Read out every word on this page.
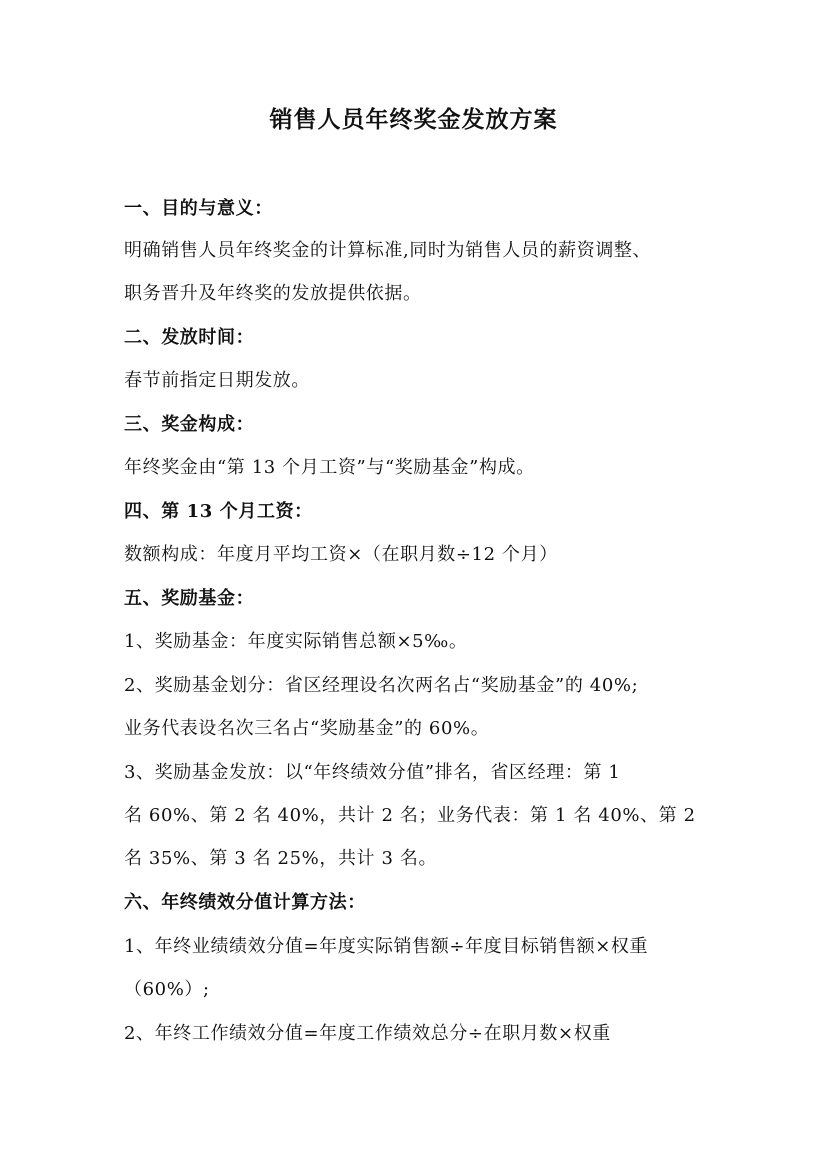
销售人员年终奖金发放方案
一、目的与意义：
明确销售人员年终奖金的计算标准,同时为销售人员的薪资调整、
职务晋升及年终奖的发放提供依据。
二、发放时间：
春节前指定日期发放。
三、奖金构成：
年终奖金由“第 13 个月工资”与“奖励基金”构成。
四、第 13 个月工资：
数额构成：年度月平均工资×（在职月数÷12 个月）
五、奖励基金：
1、奖励基金：年度实际销售总额×5‰。
2、奖励基金划分：省区经理设名次两名占“奖励基金”的 40%;
业务代表设名次三名占“奖励基金”的 60%。
3、奖励基金发放：以“年终绩效分值”排名，省区经理：第 1
名 60%、第 2 名 40%，共计 2 名；业务代表：第 1 名 40%、第 2
名 35%、第 3 名 25%，共计 3 名。
六、年终绩效分值计算方法：
1、年终业绩绩效分值=年度实际销售额÷年度目标销售额×权重
（60%）;
2、年终工作绩效分值=年度工作绩效总分÷在职月数×权重
